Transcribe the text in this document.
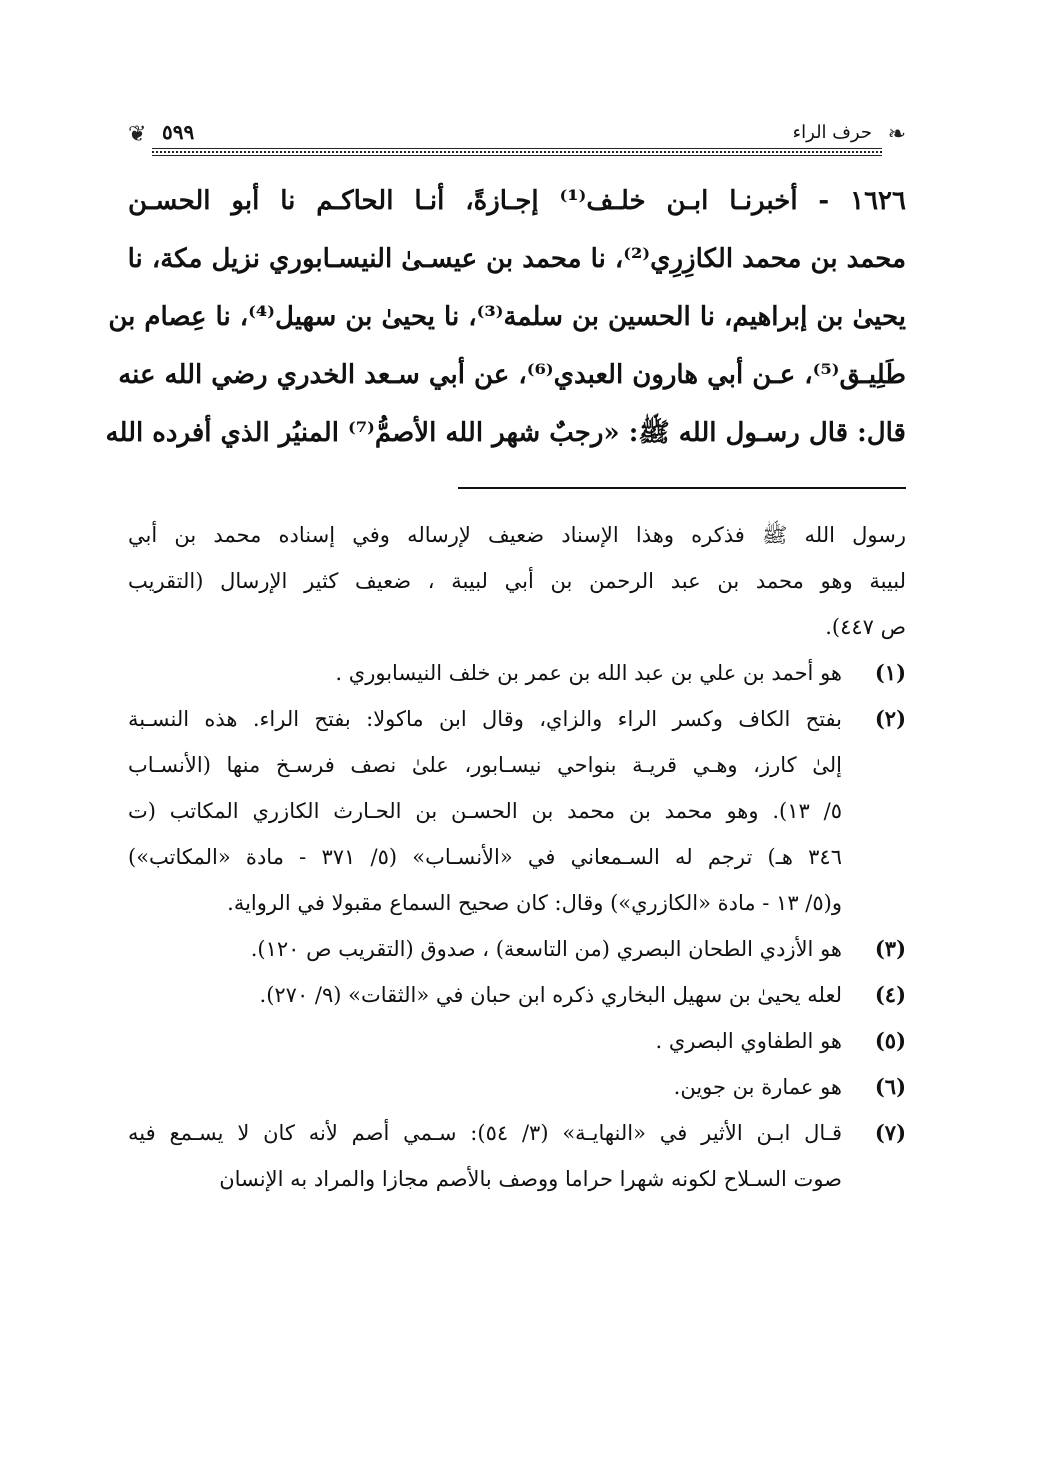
❦ ٥٩٩	حرف الراء ❧
١٦٢٦ - أخبرنـا ابـن خلـف⁽¹⁾ إجـازةً، أنـا الحاكـم نا أبو الحسـن
محمد بن محمد الكازِرِي⁽²⁾، نا محمد بن عيسـىٰ النيسـابوري نزيل مكة، نا
يحيىٰ بن إبراهيم، نا الحسين بن سلمة⁽³⁾، نا يحيىٰ بن سهيل⁽⁴⁾، نا عِصام بن
طَلِيـق⁽⁵⁾، عـن أبي هارون العبدي⁽⁶⁾، عن أبي سـعد الخدري رضي الله عنه
قال: قال رسـول الله ﷺ: «رجبٌ شهر الله الأصمُّ⁽⁷⁾ المنيُر الذي أفرده الله
رسول الله ﷺ فذكره وهذا الإسناد ضعيف لإرساله وفي إسناده محمد بن أبي
لبيبة وهو محمد بن عبد الرحمن بن أبي لبيبة ، ضعيف كثير الإرسال (التقريب
ص ٤٤٧).
(١)
هو أحمد بن علي بن عبد الله بن عمر بن خلف النيسابوري .
(٢)
بفتح الكاف وكسر الراء والزاي، وقال ابن ماكولا: بفتح الراء. هذه النسـبة
إلىٰ كارز، وهـي قريـة بنواحي نيسـابور، علىٰ نصف فرسـخ منها (الأنسـاب
٥/ ١٣). وهو محمد بن محمد بن الحسـن بن الحـارث الكازري المكاتب (ت
٣٤٦ هـ) ترجم له السـمعاني في «الأنسـاب» (٥/ ٣٧١ - مادة «المكاتب»)
و(٥/ ١٣ - مادة «الكازري») وقال: كان صحيح السماع مقبولا في الرواية.
(٣)
هو الأزدي الطحان البصري (من التاسعة) ، صدوق (التقريب ص ١٢٠).
(٤)
لعله يحيىٰ بن سهيل البخاري ذكره ابن حبان في «الثقات» (٩/ ٢٧٠).
(٥)
هو الطفاوي البصري .
(٦)
هو عمارة بن جوين.
(٧)
قـال ابـن الأثير في «النهايـة» (٣/ ٥٤): سـمي أصم لأنه كان لا يسـمع فيه
صوت السـلاح لكونه شهرا حراما ووصف بالأصم مجازا والمراد به الإنسان
